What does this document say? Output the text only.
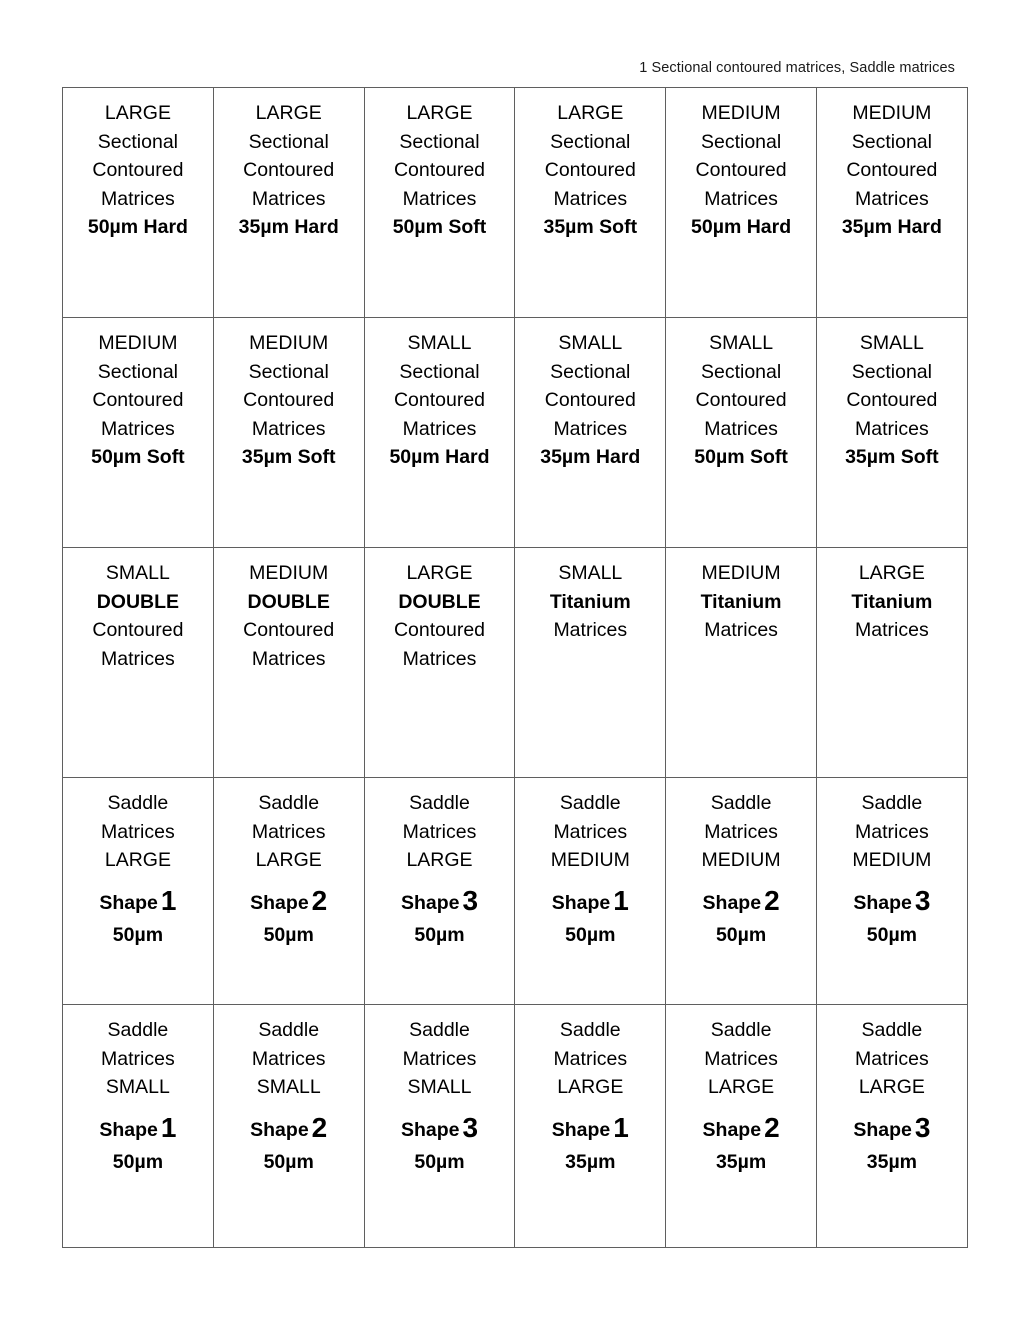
1 Sectional contoured matrices, Saddle matrices
LARGE
Sectional
Contoured
Matrices
50µm Hard	LARGE
Sectional
Contoured
Matrices
35µm Hard	LARGE
Sectional
Contoured
Matrices
50µm Soft	LARGE
Sectional
Contoured
Matrices
35µm Soft	MEDIUM
Sectional
Contoured
Matrices
50µm Hard	MEDIUM
Sectional
Contoured
Matrices
35µm Hard

MEDIUM
Sectional
Contoured
Matrices
50µm Soft	MEDIUM
Sectional
Contoured
Matrices
35µm Soft	SMALL
Sectional
Contoured
Matrices
50µm Hard	SMALL
Sectional
Contoured
Matrices
35µm Hard	SMALL
Sectional
Contoured
Matrices
50µm Soft	SMALL
Sectional
Contoured
Matrices
35µm Soft

SMALL
DOUBLE
Contoured
Matrices	MEDIUM
DOUBLE
Contoured
Matrices	LARGE
DOUBLE
Contoured
Matrices	SMALL
Titanium
Matrices	MEDIUM
Titanium
Matrices	LARGE
Titanium
Matrices

Saddle
Matrices
LARGE
Shape 1
50µm	Saddle
Matrices
LARGE
Shape 2
50µm	Saddle
Matrices
LARGE
Shape 3
50µm	Saddle
Matrices
MEDIUM
Shape 1
50µm	Saddle
Matrices
MEDIUM
Shape 2
50µm	Saddle
Matrices
MEDIUM
Shape 3
50µm

Saddle
Matrices
SMALL
Shape 1
50µm	Saddle
Matrices
SMALL
Shape 2
50µm	Saddle
Matrices
SMALL
Shape 3
50µm	Saddle
Matrices
LARGE
Shape 1
35µm	Saddle
Matrices
LARGE
Shape 2
35µm	Saddle
Matrices
LARGE
Shape 3
35µm
